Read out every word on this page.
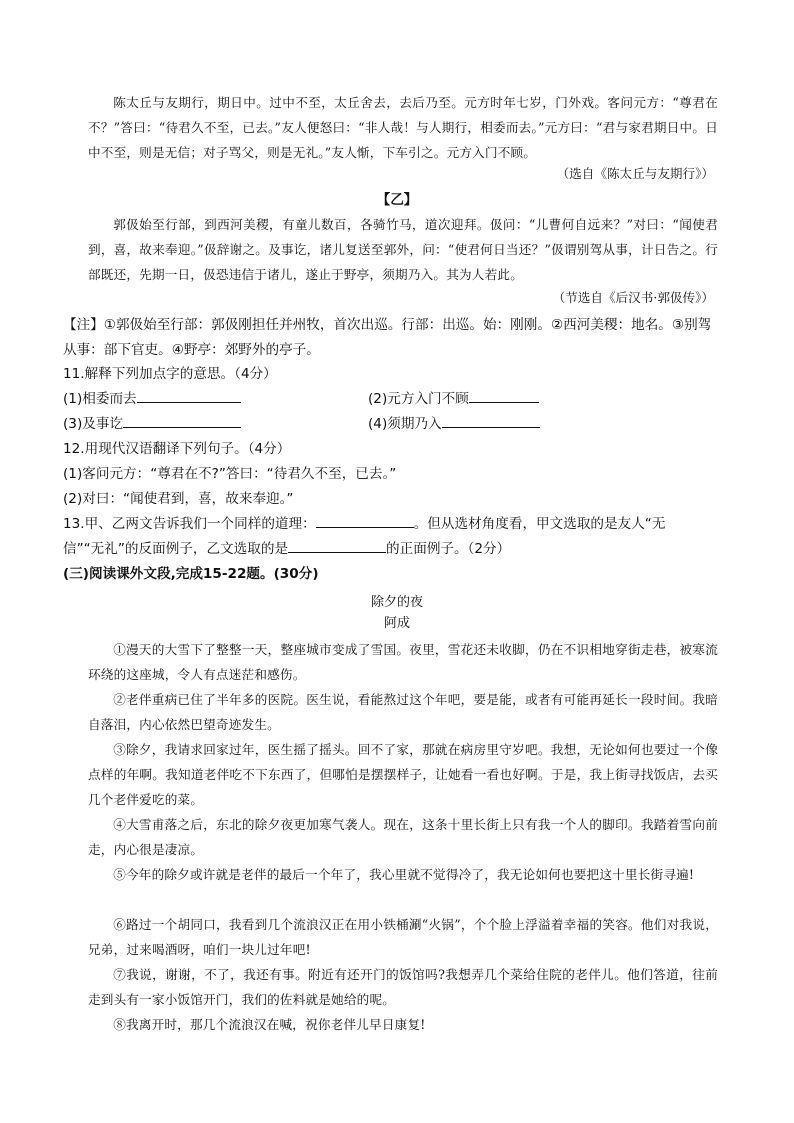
陈太丘与友期行，期日中。过中不至，太丘舍去，去后乃至。元方时年七岁，门外戏。客问元方：“尊君在不？”答曰：“待君久不至，已去。”友人便怒曰：“非人哉！与人期行，相委而去。”元方曰：“君与家君期日中。日中不至，则是无信；对子骂父，则是无礼。”友人惭，下车引之。元方入门不顾。
（选自《陈太丘与友期行》）
【乙】
郭伋始至行部，到西河美稷，有童儿数百，各骑竹马，道次迎拜。伋问：“儿曹何自远来？”对曰：“闻使君到，喜，故来奉迎。”伋辞谢之。及事讫，诸儿复送至郭外，问：“使君何日当还？”伋谓别驾从事，计日告之。行部既还，先期一日，伋恐违信于诸儿，遂止于野亭，须期乃入。其为人若此。
（节选自《后汉书·郭伋传》）
【注】①郭伋始至行部：郭伋刚担任并州牧，首次出巡。行部：出巡。始：刚刚。②西河美稷：地名。③别驾从事：部下官吏。④野亭：郊野外的亭子。
11.解释下列加点字的意思。（4分）
(1)相委而去	(2)元方入门不顾
(3)及事讫	(4)须期乃入
12.用现代汉语翻译下列句子。（4分）
(1)客问元方：“尊君在不?”答曰：“待君久不至，已去。”
(2)对曰：“闻使君到，喜，故来奉迎。”
13.甲、乙两文告诉我们一个同样的道理：	。但从选材角度看，甲文选取的是友人“无
信”“无礼”的反面例子，乙文选取的是	的正面例子。（2分）
(三)阅读课外文段,完成15-22题。(30分)
除夕的夜
阿成
①漫天的大雪下了整整一天，整座城市变成了雪国。夜里，雪花还未收脚，仍在不识相地穿街走巷，被寒流环绕的这座城，令人有点迷茫和感伤。
②老伴重病已住了半年多的医院。医生说，看能熬过这个年吧，要是能，或者有可能再延长一段时间。我暗自落泪，内心依然巴望奇迹发生。
③除夕，我请求回家过年，医生摇了摇头。回不了家，那就在病房里守岁吧。我想，无论如何也要过一个像点样的年啊。我知道老伴吃不下东西了，但哪怕是摆摆样子，让她看一看也好啊。于是，我上街寻找饭店，去买几个老伴爱吃的菜。
④大雪甫落之后，东北的除夕夜更加寒气袭人。现在，这条十里长街上只有我一个人的脚印。我踏着雪向前走，内心很是凄凉。
⑤今年的除夕或许就是老伴的最后一个年了，我心里就不觉得冷了，我无论如何也要把这十里长街寻遍!
⑥路过一个胡同口，我看到几个流浪汉正在用小铁桶涮“火锅”，个个脸上浮溢着幸福的笑容。他们对我说，兄弟，过来喝酒呀，咱们一块儿过年吧!
⑦我说，谢谢，不了，我还有事。附近有还开门的饭馆吗?我想弄几个菜给住院的老伴儿。他们答道，往前走到头有一家小饭馆开门，我们的佐料就是她给的呢。
⑧我离开时，那几个流浪汉在喊，祝你老伴儿早日康复!
